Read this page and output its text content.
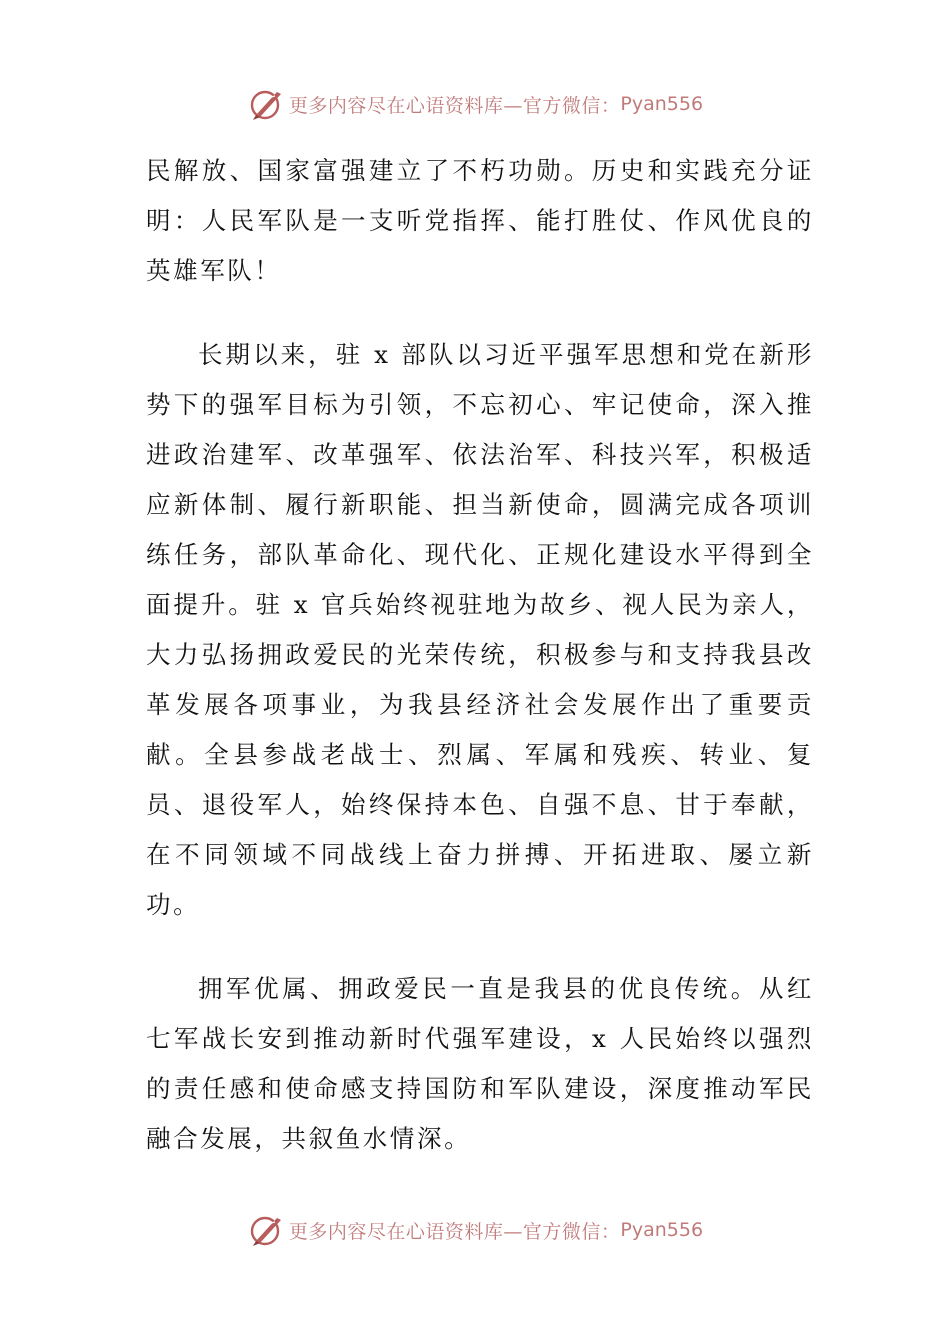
更多内容尽在心语资料库—官方微信： Pyan556

民解放、国家富强建立了不朽功勋。历史和实践充分证明：人民军队是一支听党指挥、能打胜仗、作风优良的英雄军队！

长期以来，驻 x 部队以习近平强军思想和党在新形势下的强军目标为引领，不忘初心、牢记使命，深入推进政治建军、改革强军、依法治军、科技兴军，积极适应新体制、履行新职能、担当新使命，圆满完成各项训练任务，部队革命化、现代化、正规化建设水平得到全面提升。驻 x 官兵始终视驻地为故乡、视人民为亲人，大力弘扬拥政爱民的光荣传统，积极参与和支持我县改革发展各项事业，为我县经济社会发展作出了重要贡献。全县参战老战士、烈属、军属和残疾、转业、复员、退役军人，始终保持本色、自强不息、甘于奉献，在不同领域不同战线上奋力拼搏、开拓进取、屡立新功。

拥军优属、拥政爱民一直是我县的优良传统。从红七军战长安到推动新时代强军建设，x 人民始终以强烈的责任感和使命感支持国防和军队建设，深度推动军民融合发展，共叙鱼水情深。

更多内容尽在心语资料库—官方微信： Pyan556
